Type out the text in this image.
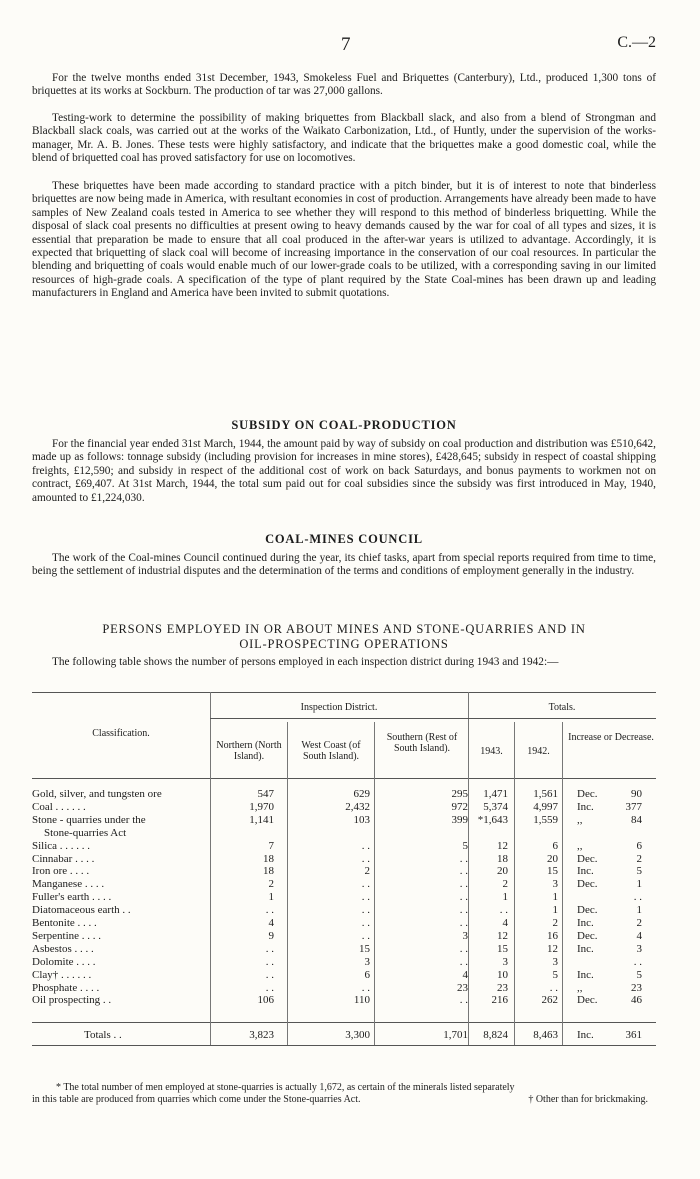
7	C.—2

For the twelve months ended 31st December, 1943, Smokeless Fuel and Briquettes (Canterbury), Ltd., produced 1,300 tons of briquettes at its works at Sockburn. The production of tar was 27,000 gallons.

Testing-work to determine the possibility of making briquettes from Blackball slack, and also from a blend of Strongman and Blackball slack coals, was carried out at the works of the Waikato Carbonization, Ltd., of Huntly, under the supervision of the works-manager, Mr. A. B. Jones. These tests were highly satisfactory, and indicate that the briquettes make a good domestic coal, while the blend of briquetted coal has proved satisfactory for use on locomotives.

These briquettes have been made according to standard practice with a pitch binder, but it is of interest to note that binderless briquettes are now being made in America, with resultant economies in cost of production. Arrangements have already been made to have samples of New Zealand coals tested in America to see whether they will respond to this method of binderless briquetting. While the disposal of slack coal presents no difficulties at present owing to heavy demands caused by the war for coal of all types and sizes, it is essential that preparation be made to ensure that all coal produced in the after-war years is utilized to advantage. Accordingly, it is expected that briquetting of slack coal will become of increasing importance in the conservation of our coal resources. In particular the blending and briquetting of coals would enable much of our lower-grade coals to be utilized, with a corresponding saving in our limited resources of high-grade coals. A specification of the type of plant required by the State Coal-mines has been drawn up and leading manufacturers in England and America have been invited to submit quotations.

SUBSIDY ON COAL-PRODUCTION

For the financial year ended 31st March, 1944, the amount paid by way of subsidy on coal production and distribution was £510,642, made up as follows: tonnage subsidy (including provision for increases in mine stores), £428,645; subsidy in respect of coastal shipping freights, £12,590; and subsidy in respect of the additional cost of work on back Saturdays, and bonus payments to workmen not on contract, £69,407. At 31st March, 1944, the total sum paid out for coal subsidies since the subsidy was first introduced in May, 1940, amounted to £1,224,030.

COAL-MINES COUNCIL

The work of the Coal-mines Council continued during the year, its chief tasks, apart from special reports required from time to time, being the settlement of industrial disputes and the determination of the terms and conditions of employment generally in the industry.

PERSONS EMPLOYED IN OR ABOUT MINES AND STONE-QUARRIES AND IN
OIL-PROSPECTING OPERATIONS

The following table shows the number of persons employed in each inspection district during 1943 and 1942:—

Classification.
Inspection District.	Totals.
Northern (North Island).
West Coast (of South Island).
Southern (Rest of South Island).	1943.	1942.
Increase or Decrease.
Gold, silver, and tungsten ore	547	629	295	1,471	1,561 Dec.	90
Coal . . . . . .	1,970	2,432	972	5,374	4,997 Inc.	377
Stone - quarries under the	1,141	103	399 *1,643	1,559 ,,	84
Stone-quarries Act
Silica . . . . . .	7	. .	5	12	6 ,,	6
Cinnabar . . . .	18	. .	. .	18	20 Dec.	2
Iron ore . . . .	18	2	. .	20	15 Inc.	5
Manganese . . . .	2	. .	. .	2	3 Dec.	1
Fuller's earth . . . .	1	. .	. .	1	1	. .
Diatomaceous earth . .	. .	. .	. .	. .	1 Dec.	1
Bentonite . . . .	4	. .	. .	4	2 Inc.	2
Serpentine . . . .	9	. .	3	12	16 Dec.	4
Asbestos . . . .	. .	15	. .	15	12 Inc.	3
Dolomite . . . .	. .	3	. .	3	3	. .
Clay† . . . . . .	. .	6	4	10	5 Inc.	5
Phosphate . . . .	. .	. .	23	23	. . ,,	23
Oil prospecting . .	106	110	. .	216	262 Dec.	46
Totals . .	3,823	3,300	1,701	8,824	8,463 Inc.	361
* The total number of men employed at stone-quarries is actually 1,672, as certain of the minerals listed separately
in this table are produced from quarries which come under the Stone-quarries Act.	† Other than for brickmaking.
